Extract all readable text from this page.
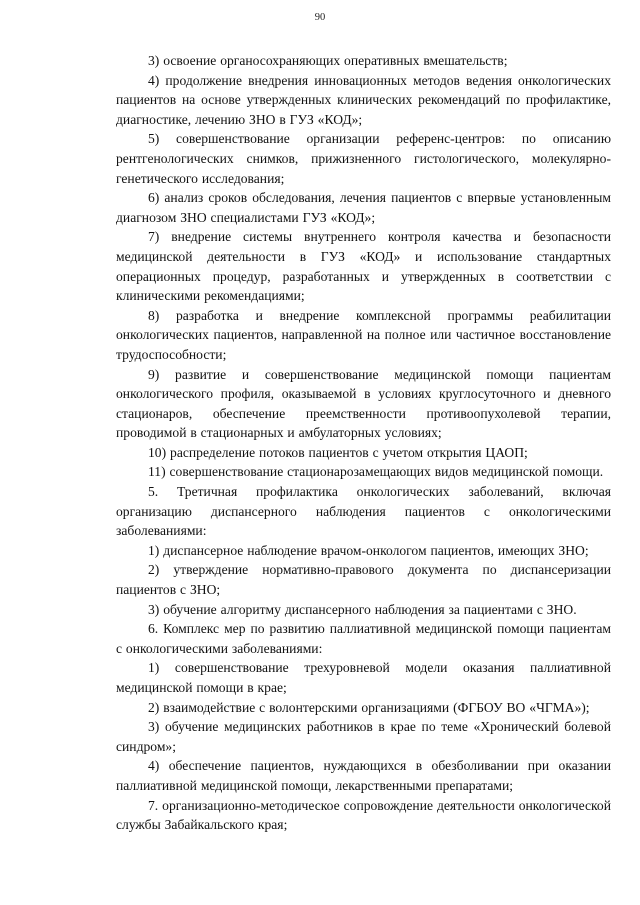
90

3) освоение органосохраняющих оперативных вмешательств;

4) продолжение внедрения инновационных методов ведения онкологических пациентов на основе утвержденных клинических рекомендаций по профилактике, диагностике, лечению ЗНО в ГУЗ «КОД»;

5) совершенствование организации референс-центров: по описанию рентгенологических снимков, прижизненного гистологического, молекулярно-генетического исследования;

6) анализ сроков обследования, лечения пациентов с впервые установленным диагнозом ЗНО специалистами ГУЗ «КОД»;

7) внедрение системы внутреннего контроля качества и безопасности медицинской деятельности в ГУЗ «КОД» и использование стандартных операционных процедур, разработанных и утвержденных в соответствии с клиническими рекомендациями;

8) разработка и внедрение комплексной программы реабилитации онкологических пациентов, направленной на полное или частичное восстановление трудоспособности;

9) развитие и совершенствование медицинской помощи пациентам онкологического профиля, оказываемой в условиях круглосуточного и дневного стационаров, обеспечение преемственности противоопухолевой терапии, проводимой в стационарных и амбулаторных условиях;

10) распределение потоков пациентов с учетом открытия ЦАОП;

11) совершенствование стационарозамещающих видов медицинской помощи.

5. Третичная профилактика онкологических заболеваний, включая организацию диспансерного наблюдения пациентов с онкологическими заболеваниями:

1) диспансерное наблюдение врачом-онкологом пациентов, имеющих ЗНО;

2) утверждение нормативно-правового документа по диспансеризации пациентов с ЗНО;

3) обучение алгоритму диспансерного наблюдения за пациентами с ЗНО.

6. Комплекс мер по развитию паллиативной медицинской помощи пациентам с онкологическими заболеваниями:

1) совершенствование трехуровневой модели оказания паллиативной медицинской помощи в крае;

2) взаимодействие с волонтерскими организациями (ФГБОУ ВО «ЧГМА»);

3) обучение медицинских работников в крае по теме «Хронический болевой синдром»;

4) обеспечение пациентов, нуждающихся в обезболивании при оказании паллиативной медицинской помощи, лекарственными препаратами;

7. организационно-методическое сопровождение деятельности онкологической службы Забайкальского края;
